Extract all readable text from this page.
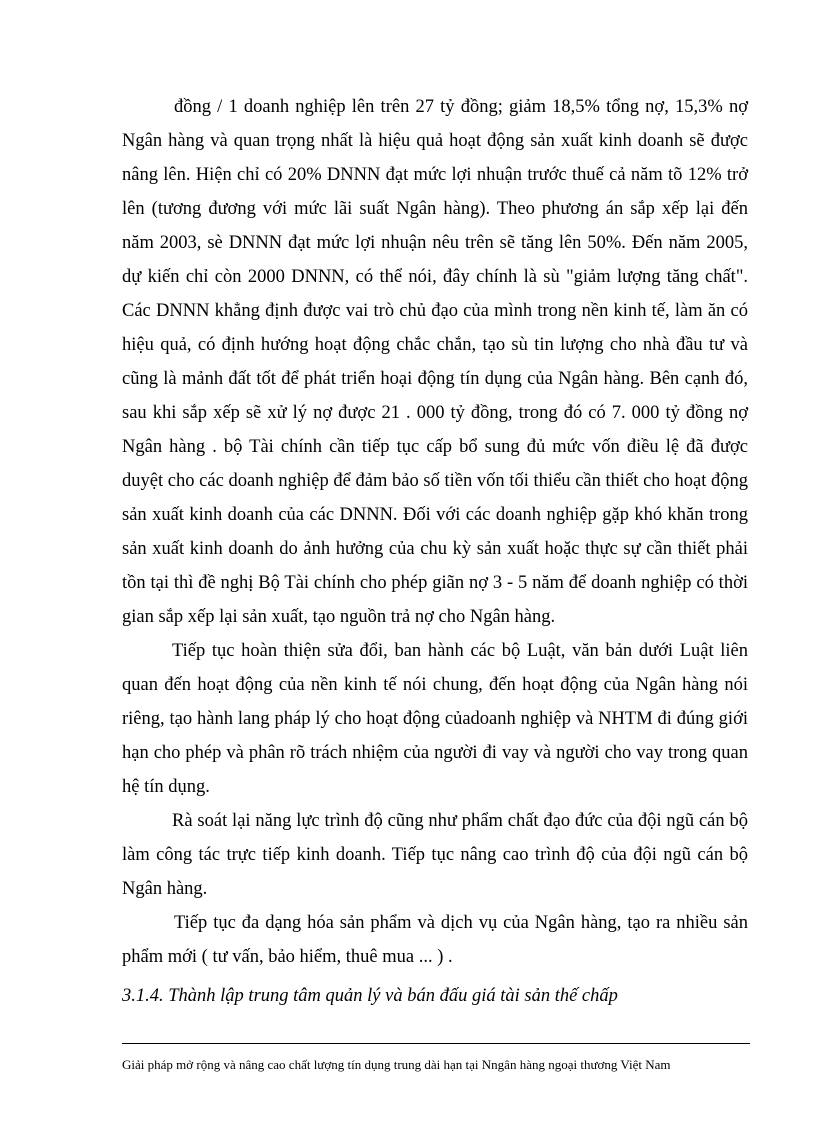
đồng / 1 doanh nghiệp lên trên 27 tỷ đồng; giảm 18,5% tổng nợ, 15,3% nợ Ngân hàng và quan trọng nhất là hiệu quả hoạt động sản xuất kinh doanh sẽ được nâng lên. Hiện chỉ có 20% DNNN đạt mức lợi nhuận trước thuế cả năm tõ 12% trở lên (tương đương với mức lãi suất Ngân hàng). Theo phương án sắp xếp lại đến năm 2003, sè DNNN đạt mức lợi nhuận nêu trên sẽ tăng lên 50%. Đến năm 2005, dự kiến chỉ còn 2000 DNNN, có thể nói, đây chính là sù "giảm lượng tăng chất". Các DNNN khẳng định được vai trò chủ đạo của mình trong nền kinh tế, làm ăn có hiệu quả, có định hướng hoạt động chắc chắn, tạo sù tin lượng cho nhà đầu tư và cũng là mảnh đất tốt để phát triển hoại động tín dụng của Ngân hàng. Bên cạnh đó, sau khi sắp xếp sẽ xử lý nợ được 21 . 000 tỷ đồng, trong đó có 7. 000 tỷ đồng nợ Ngân hàng . bộ Tài chính cần tiếp tục cấp bổ sung đủ mức vốn điều lệ đã được duyệt cho các doanh nghiệp để đảm bảo số tiền vốn tối thiểu cần thiết cho hoạt động sản xuất kinh doanh của các DNNN. Đối với các doanh nghiệp gặp khó khăn trong sản xuất kinh doanh do ảnh hưởng của chu kỳ sản xuất hoặc thực sự cần thiết phải tồn tại thì đề nghị Bộ Tài chính cho phép giãn nợ 3 - 5 năm để doanh nghiệp có thời gian sắp xếp lại sản xuất, tạo nguồn trả nợ cho Ngân hàng.

Tiếp tục hoàn thiện sửa đổi, ban hành các bộ Luật, văn bản dưới Luật liên quan đến hoạt động của nền kinh tế nói chung, đến hoạt động của Ngân hàng nói riêng, tạo hành lang pháp lý cho hoạt động củadoanh nghiệp và NHTM đi đúng giới hạn cho phép và phân rõ trách nhiệm của người đi vay và người cho vay trong quan hệ tín dụng.

Rà soát lại năng lực trình độ cũng như phẩm chất đạo đức của đội ngũ cán bộ làm công tác trực tiếp kinh doanh. Tiếp tục nâng cao trình độ của đội ngũ cán bộ Ngân hàng.

Tiếp tục đa dạng hóa sản phẩm và dịch vụ của Ngân hàng, tạo ra nhiều sản phẩm mới ( tư vấn, bảo hiểm, thuê mua ... ) .

3.1.4. Thành lập trung tâm quản lý và bán đấu giá tài sản thế chấp

Giải pháp mở rộng và nâng cao chất lượng tín dụng trung dài hạn tại Nngân hàng ngoại thương Việt Nam
